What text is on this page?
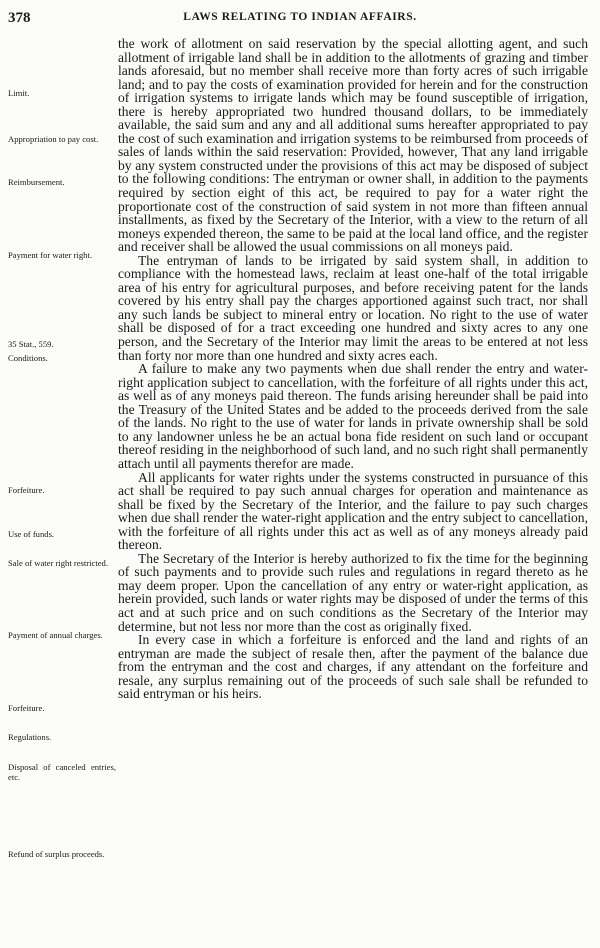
378	LAWS RELATING TO INDIAN AFFAIRS.
Limit.
Appropriation to pay cost.
Reimbursement.
Payment for water right.
35 Stat., 559.
Conditions.
Forfeiture.
Use of funds.
Sale of water right restricted.
Payment of annual charges.
Forfeiture.
Regulations.
Disposal of canceled entries, etc.
Refund of surplus proceeds.

the work of allotment on said reservation by the special allotting agent, and such allotment of irrigable land shall be in addition to the allotments of grazing and timber lands aforesaid, but no member shall receive more than forty acres of such irrigable land; and to pay the costs of examination provided for herein and for the construction of irrigation systems to irrigate lands which may be found susceptible of irrigation, there is hereby appropriated two hundred thousand dollars, to be immediately available, the said sum and any and all additional sums hereafter appropriated to pay the cost of such examination and irrigation systems to be reimbursed from proceeds of sales of lands within the said reservation: Provided, however, That any land irrigable by any system constructed under the provisions of this act may be disposed of subject to the following conditions: The entryman or owner shall, in addition to the payments required by section eight of this act, be required to pay for a water right the proportionate cost of the construction of said system in not more than fifteen annual installments, as fixed by the Secretary of the Interior, with a view to the return of all moneys expended thereon, the same to be paid at the local land office, and the register and receiver shall be allowed the usual commissions on all moneys paid.

The entryman of lands to be irrigated by said system shall, in addition to compliance with the homestead laws, reclaim at least one-half of the total irrigable area of his entry for agricultural purposes, and before receiving patent for the lands covered by his entry shall pay the charges apportioned against such tract, nor shall any such lands be subject to mineral entry or location. No right to the use of water shall be disposed of for a tract exceeding one hundred and sixty acres to any one person, and the Secretary of the Interior may limit the areas to be entered at not less than forty nor more than one hundred and sixty acres each.

A failure to make any two payments when due shall render the entry and water-right application subject to cancellation, with the forfeiture of all rights under this act, as well as of any moneys paid thereon. The funds arising hereunder shall be paid into the Treasury of the United States and be added to the proceeds derived from the sale of the lands. No right to the use of water for lands in private ownership shall be sold to any landowner unless he be an actual bona fide resident on such land or occupant thereof residing in the neighborhood of such land, and no such right shall permanently attach until all payments therefor are made.

All applicants for water rights under the systems constructed in pursuance of this act shall be required to pay such annual charges for operation and maintenance as shall be fixed by the Secretary of the Interior, and the failure to pay such charges when due shall render the water-right application and the entry subject to cancellation, with the forfeiture of all rights under this act as well as of any moneys already paid thereon.

The Secretary of the Interior is hereby authorized to fix the time for the beginning of such payments and to provide such rules and regulations in regard thereto as he may deem proper. Upon the cancellation of any entry or water-right application, as herein provided, such lands or water rights may be disposed of under the terms of this act and at such price and on such conditions as the Secretary of the Interior may determine, but not less nor more than the cost as originally fixed.

In every case in which a forfeiture is enforced and the land and rights of an entryman are made the subject of resale then, after the payment of the balance due from the entryman and the cost and charges, if any attendant on the forfeiture and resale, any surplus remaining out of the proceeds of such sale shall be refunded to said entryman or his heirs.
